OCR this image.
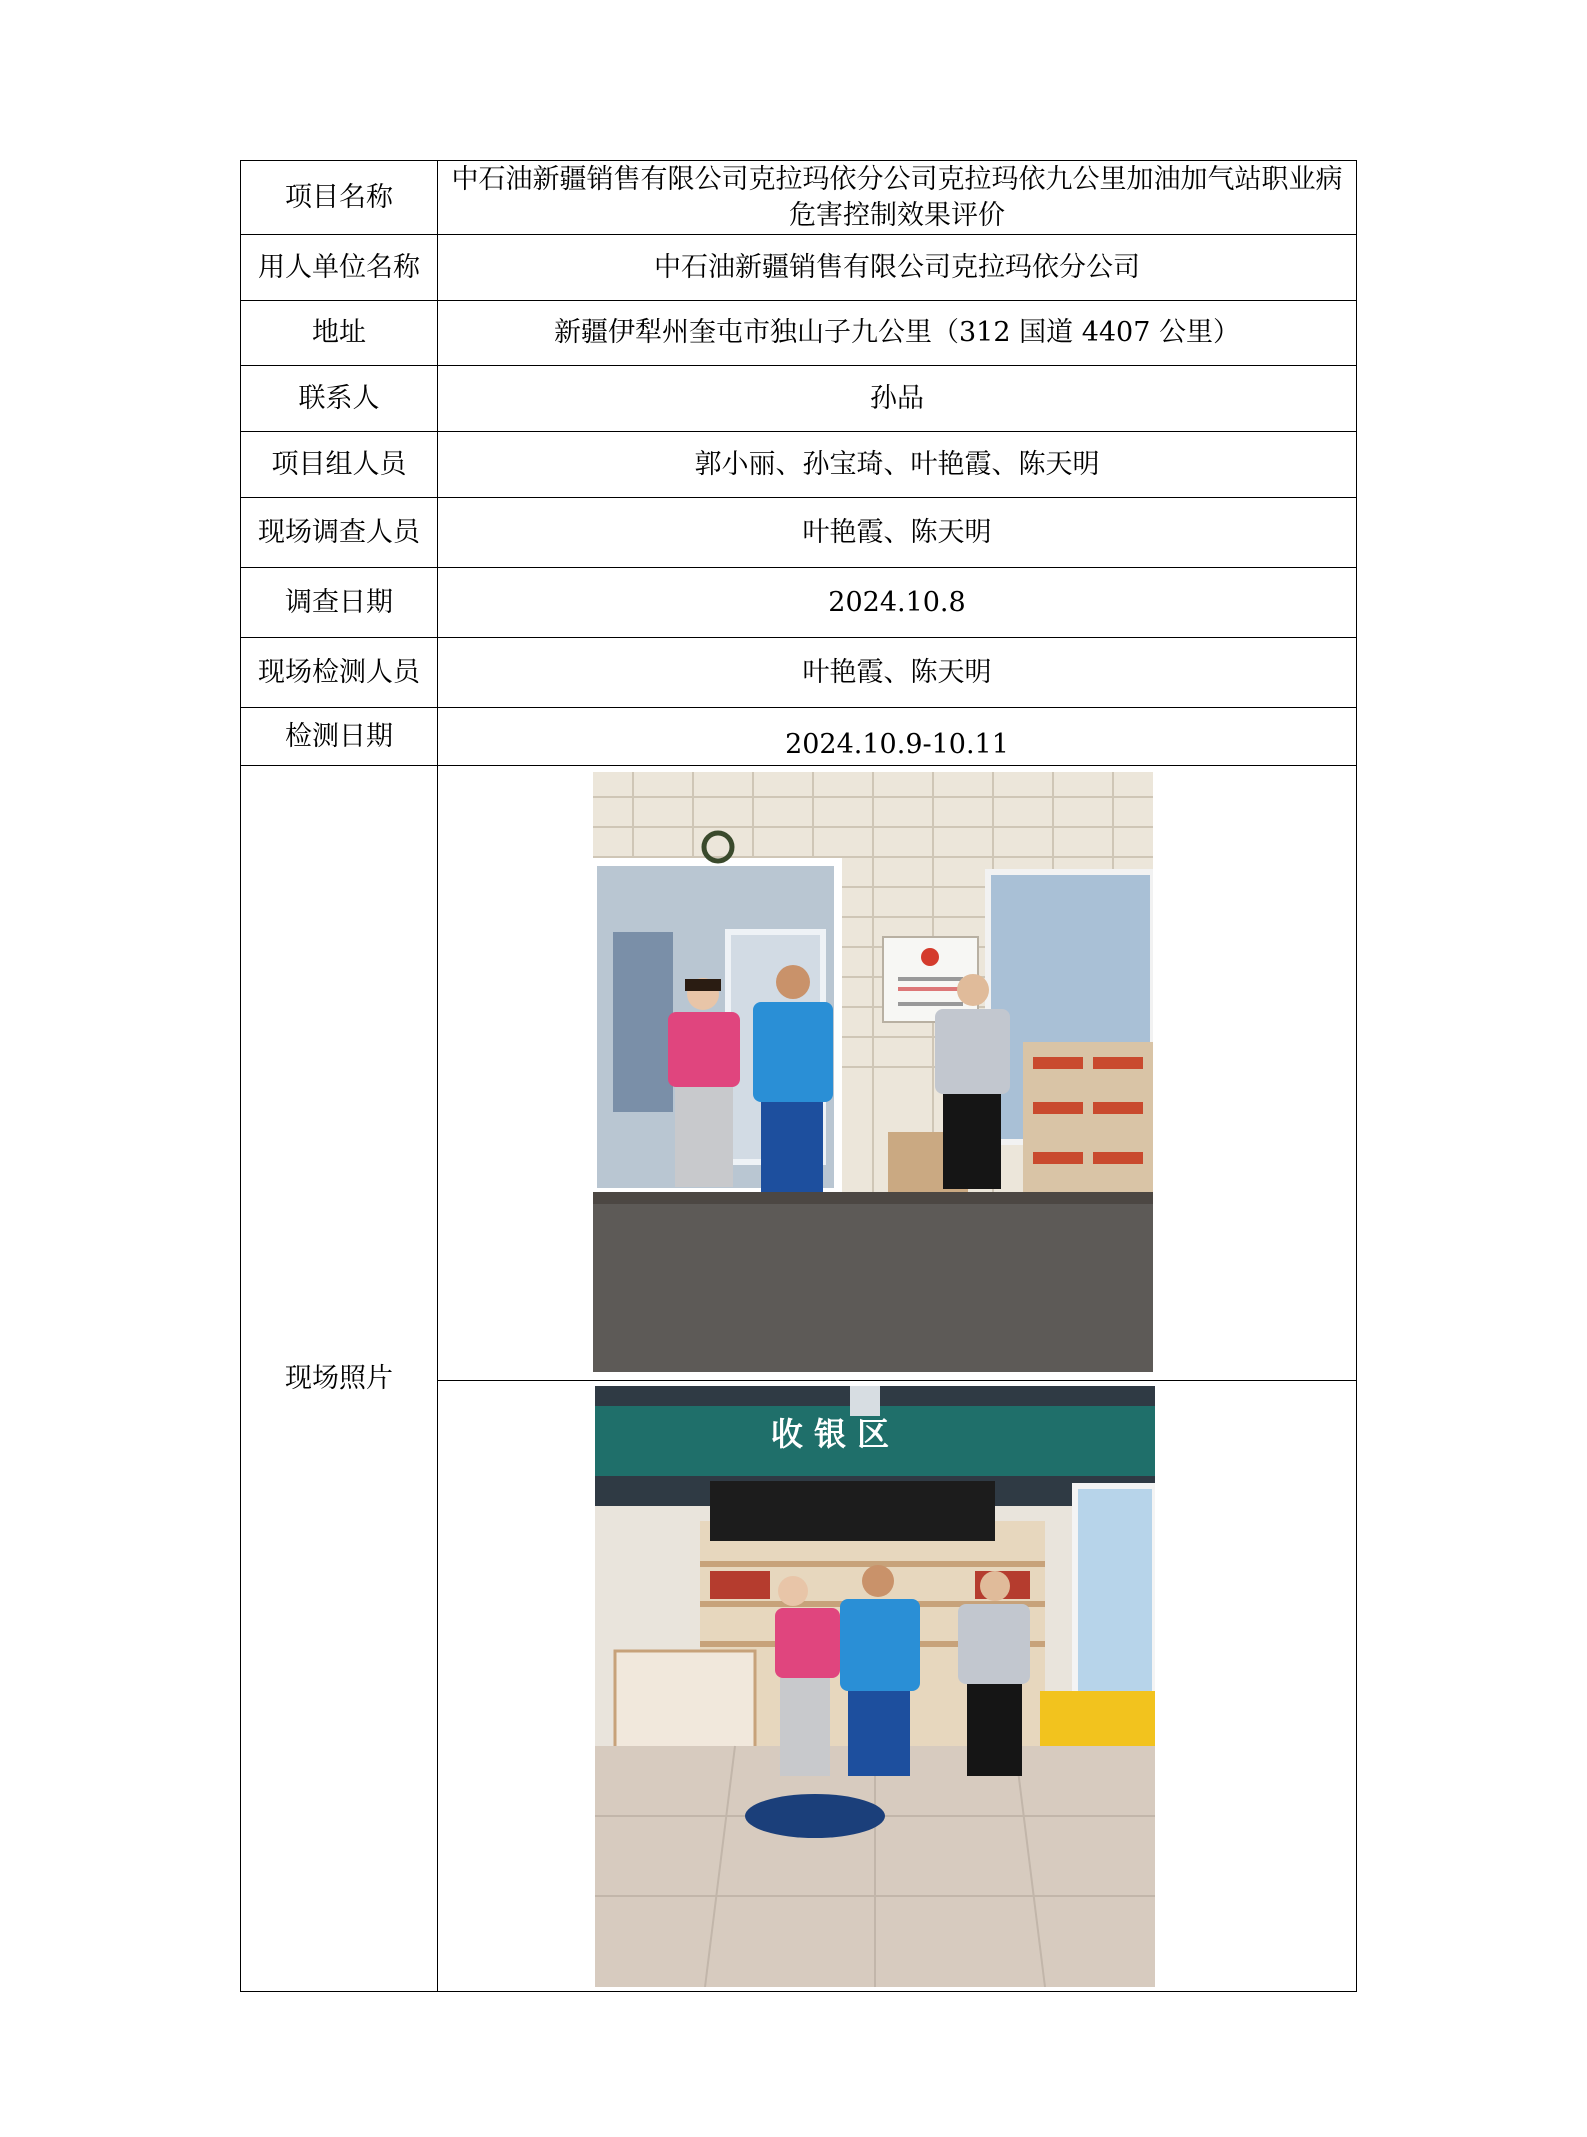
项目名称	中石油新疆销售有限公司克拉玛依分公司克拉玛依九公里加油加气站职业病危害控制效果评价
用人单位名称	中石油新疆销售有限公司克拉玛依分公司
地址	新疆伊犁州奎屯市独山子九公里（312 国道 4407 公里）
联系人	孙品
项目组人员	郭小丽、孙宝琦、叶艳霞、陈天明
现场调查人员	叶艳霞、陈天明
调查日期	2024.10.8
现场检测人员	叶艳霞、陈天明
检测日期	2024.10.9-10.11
现场照片	

	收 银 区
